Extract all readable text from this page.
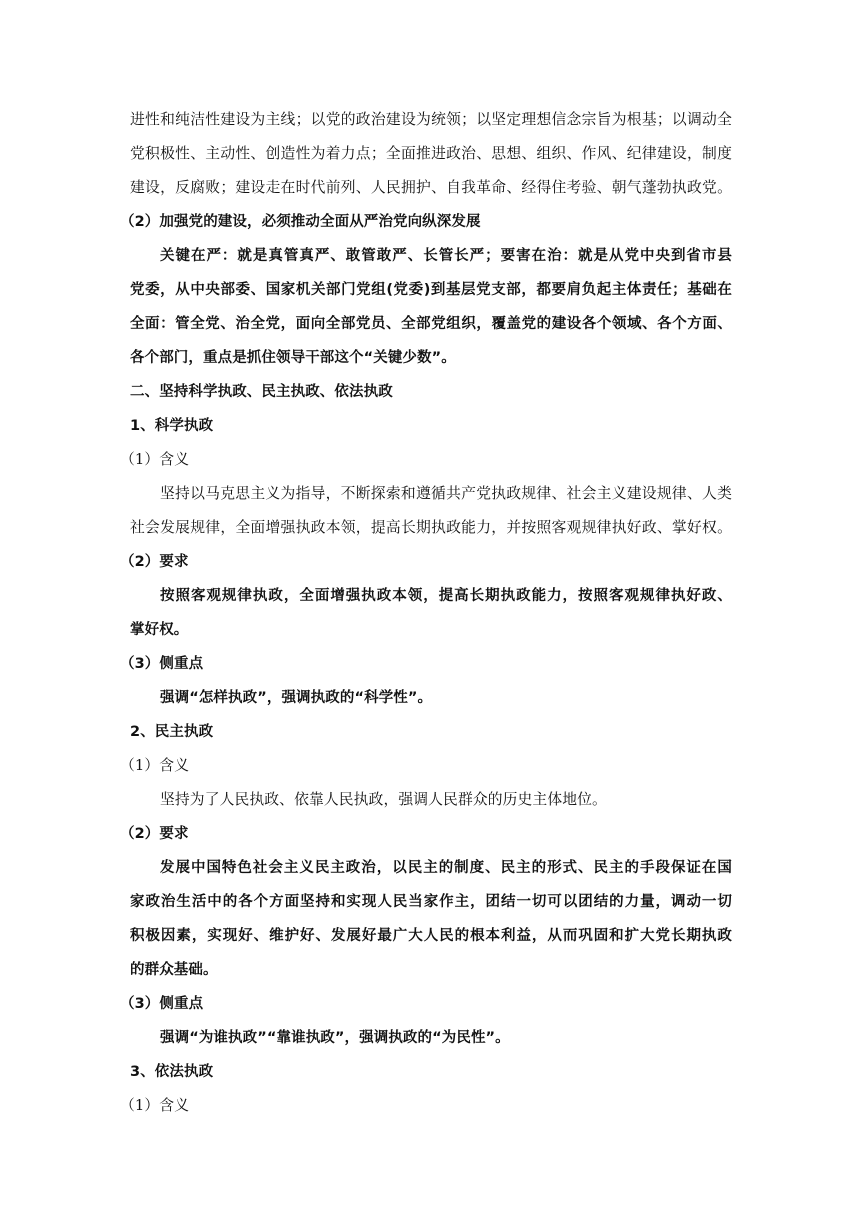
进性和纯洁性建设为主线；以党的政治建设为统领；以坚定理想信念宗旨为根基；以调动全
党积极性、主动性、创造性为着力点；全面推进政治、思想、组织、作风、纪律建设，制度
建设，反腐败；建设走在时代前列、人民拥护、自我革命、经得住考验、朝气蓬勃执政党。
（2）加强党的建设，必须推动全面从严治党向纵深发展
关键在严：就是真管真严、敢管敢严、长管长严；要害在治：就是从党中央到省市县
党委，从中央部委、国家机关部门党组(党委)到基层党支部，都要肩负起主体责任；基础在
全面：管全党、治全党，面向全部党员、全部党组织，覆盖党的建设各个领域、各个方面、
各个部门，重点是抓住领导干部这个“关键少数”。
二、坚持科学执政、民主执政、依法执政
1、科学执政
（1）含义
坚持以马克思主义为指导，不断探索和遵循共产党执政规律、社会主义建设规律、人类
社会发展规律，全面增强执政本领，提高长期执政能力，并按照客观规律执好政、掌好权。
（2）要求
按照客观规律执政，全面增强执政本领，提高长期执政能力，按照客观规律执好政、
掌好权。
（3）侧重点
强调“怎样执政”，强调执政的“科学性”。
2、民主执政
（1）含义
坚持为了人民执政、依靠人民执政，强调人民群众的历史主体地位。
（2）要求
发展中国特色社会主义民主政治，以民主的制度、民主的形式、民主的手段保证在国
家政治生活中的各个方面坚持和实现人民当家作主，团结一切可以团结的力量，调动一切
积极因素，实现好、维护好、发展好最广大人民的根本利益，从而巩固和扩大党长期执政
的群众基础。
（3）侧重点
强调“为谁执政”“靠谁执政”，强调执政的“为民性”。
3、依法执政
（1）含义
